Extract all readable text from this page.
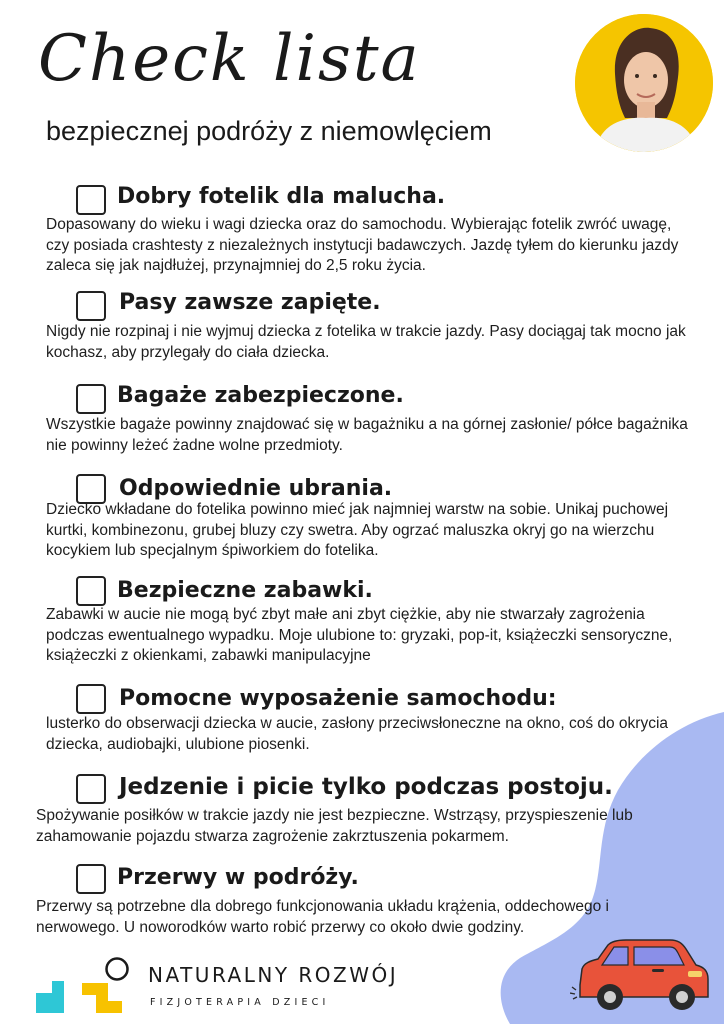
Check lista
bezpiecznej podróży z niemowlęciem
Dobry fotelik dla malucha.
Dopasowany do wieku i wagi dziecka oraz do samochodu. Wybierając fotelik zwróć uwagę, czy posiada crashtesty z niezależnych instytucji badawczych. Jazdę tyłem do kierunku jazdy zaleca się jak najdłużej, przynajmniej do 2,5 roku życia.
Pasy zawsze zapięte.
Nigdy nie rozpinaj i nie wyjmuj dziecka z fotelika w trakcie jazdy. Pasy dociągaj tak mocno jak kochasz, aby przylegały do ciała dziecka.
Bagaże zabezpieczone.
Wszystkie bagaże powinny znajdować się w bagażniku a na górnej zasłonie/ półce bagażnika nie powinny leżeć żadne wolne przedmioty.
Odpowiednie ubrania.
Dziecko wkładane do fotelika powinno mieć jak najmniej warstw na sobie. Unikaj puchowej kurtki, kombinezonu, grubej bluzy czy swetra. Aby ogrzać maluszka okryj go na wierzchu kocykiem lub specjalnym śpiworkiem do fotelika.
Bezpieczne zabawki.
Zabawki w aucie nie mogą być zbyt małe ani zbyt ciężkie, aby nie stwarzały zagrożenia podczas ewentualnego wypadku. Moje ulubione to: gryzaki, pop-it, książeczki sensoryczne, książeczki z okienkami, zabawki manipulacyjne
Pomocne wyposażenie samochodu:
lusterko do obserwacji dziecka w aucie, zasłony przeciwsłoneczne na okno, coś do okrycia dziecka, audiobajki, ulubione piosenki.
Jedzenie i picie tylko podczas postoju.
Spożywanie posiłków w trakcie jazdy nie jest bezpieczne. Wstrząsy, przyspieszenie lub zahamowanie pojazdu stwarza zagrożenie zakrztuszenia pokarmem.
Przerwy w podróży.
Przerwy są potrzebne dla dobrego funkcjonowania układu krążenia, oddechowego i nerwowego. U noworodków warto robić przerwy co około dwie godziny.
NATURALNY ROZWÓJ
FIZJOTERAPIA DZIECI
